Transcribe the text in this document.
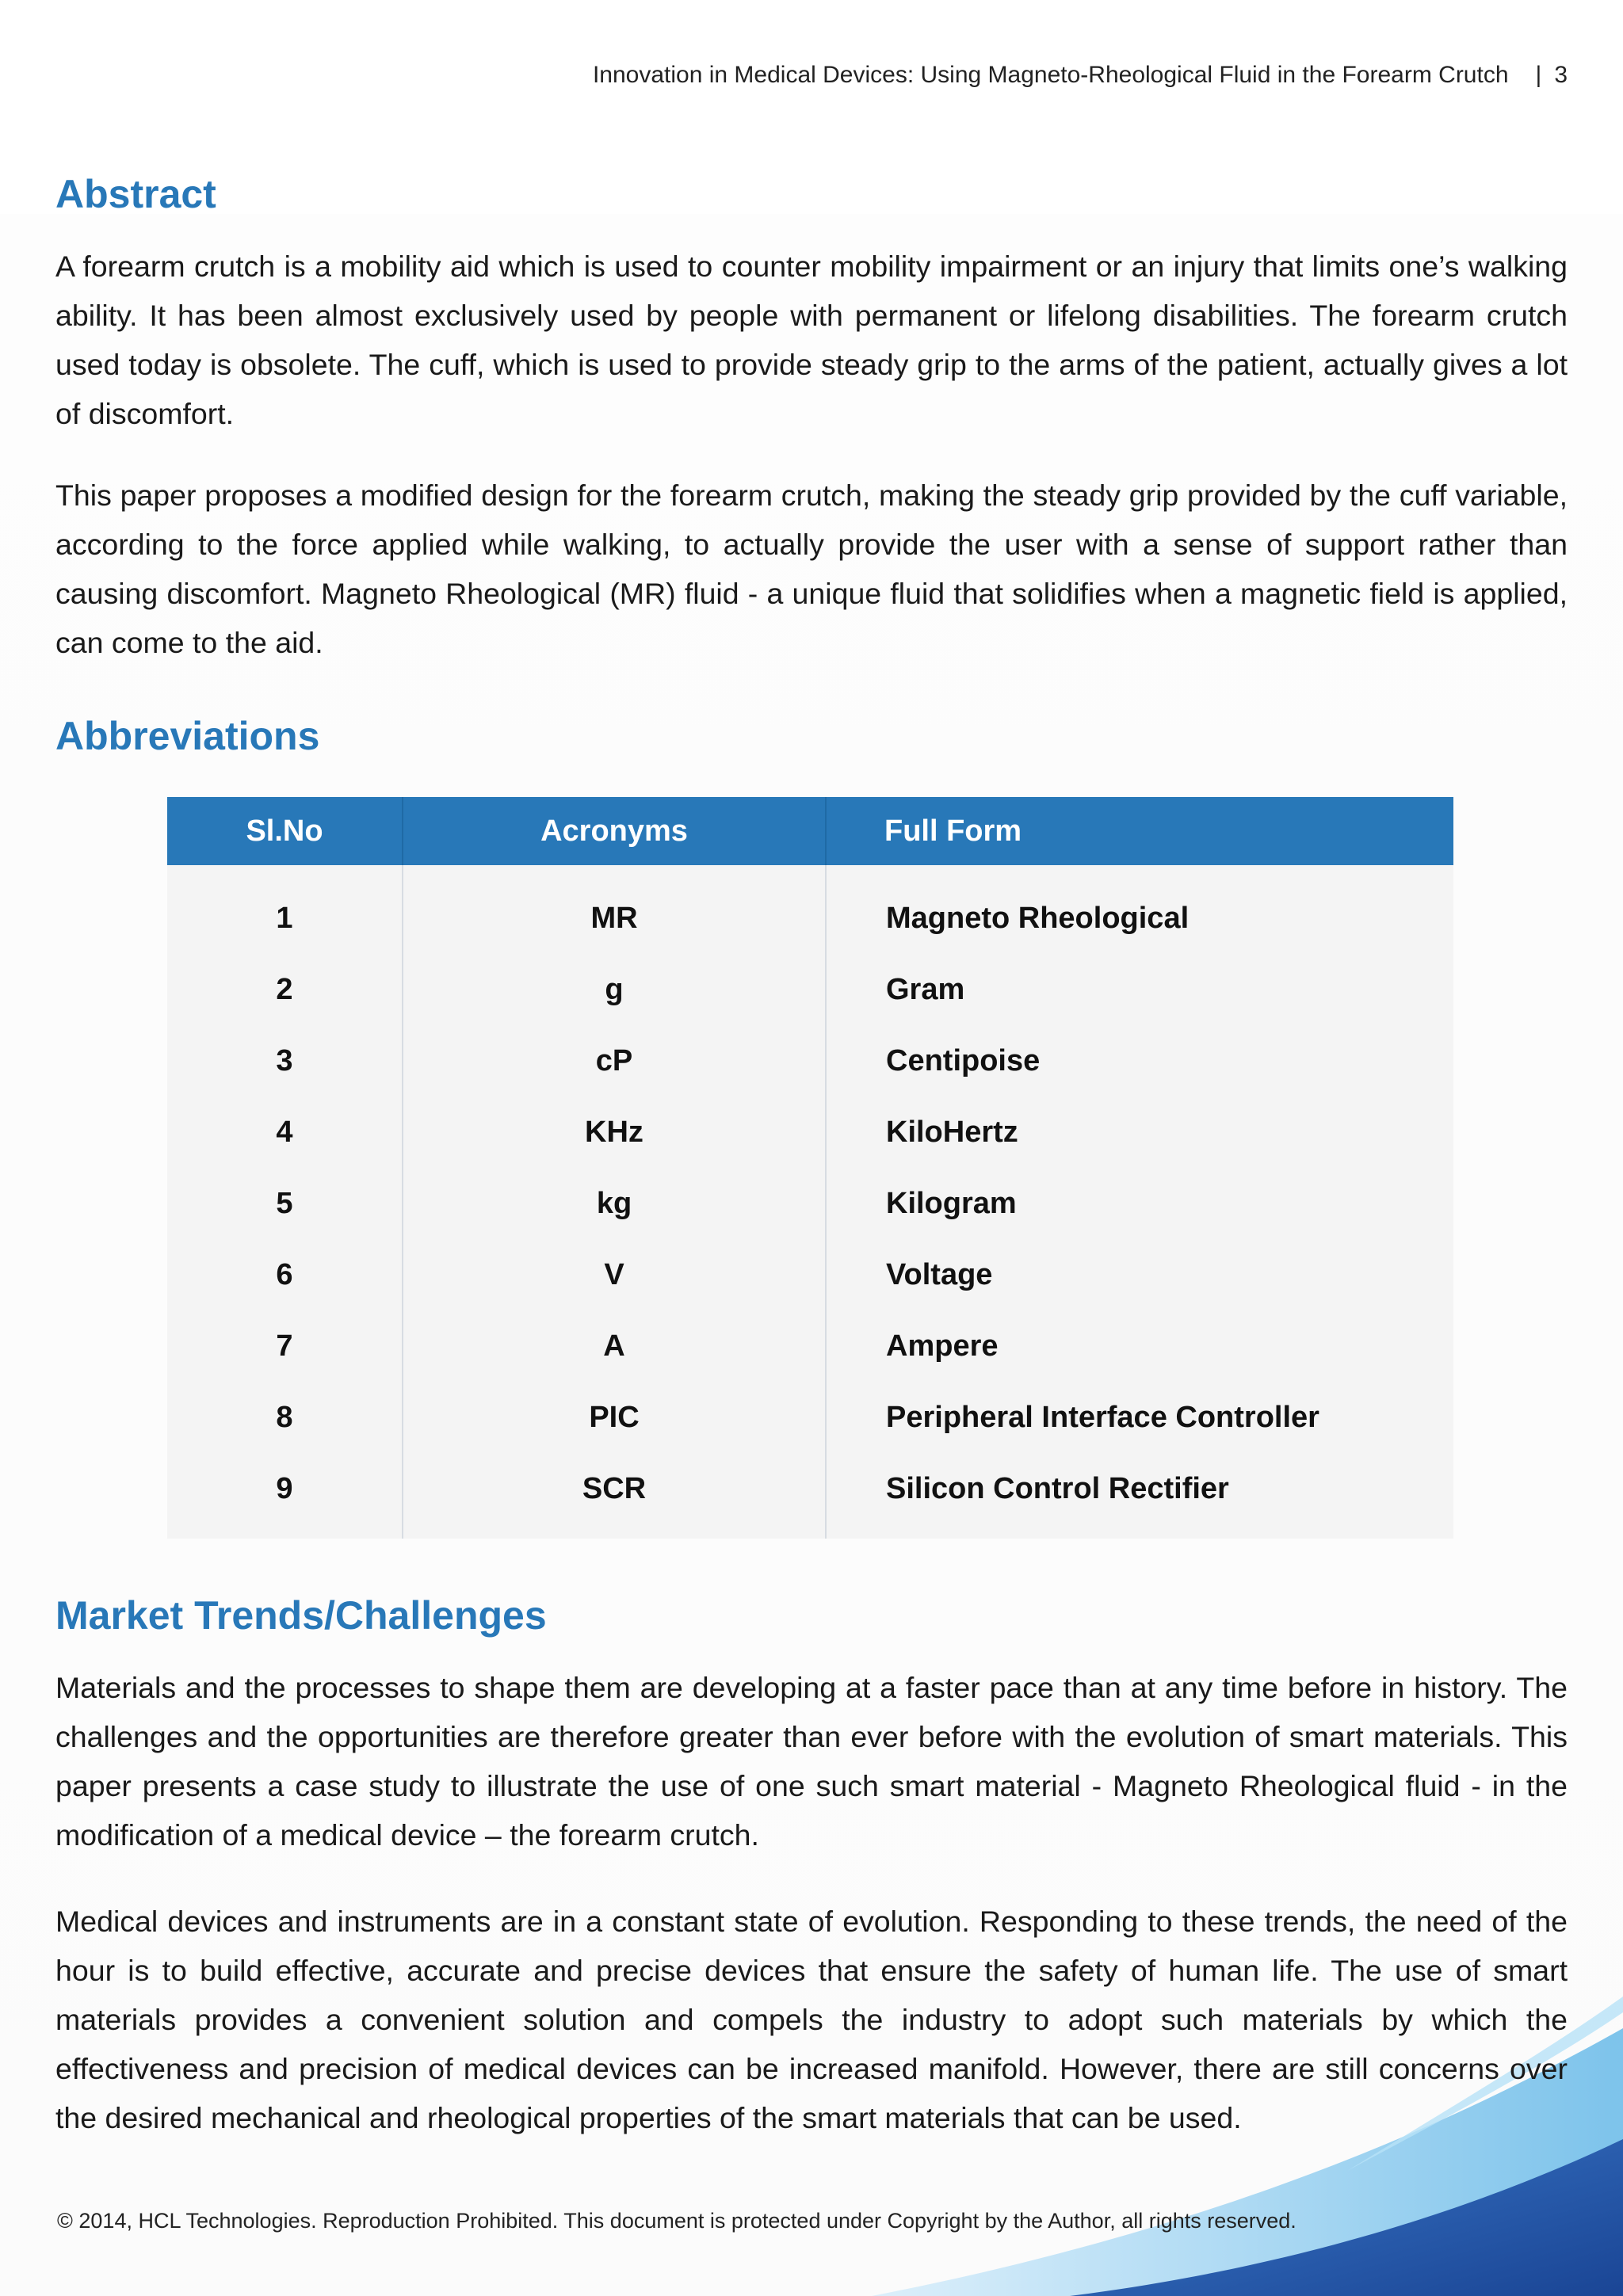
Innovation in Medical Devices: Using Magneto-Rheological Fluid in the Forearm Crutch | 3
Abstract

A forearm crutch is a mobility aid which is used to counter mobility impairment or an injury that limits one’s walking ability. It has been almost exclusively used by people with permanent or lifelong disabilities. The forearm crutch used today is obsolete. The cuff, which is used to provide steady grip to the arms of the patient, actually gives a lot of discomfort.

This paper proposes a modified design for the forearm crutch, making the steady grip provided by the cuff variable, according to the force applied while walking, to actually provide the user with a sense of support rather than causing discomfort. Magneto Rheological (MR) fluid - a unique fluid that solidifies when a magnetic field is applied, can come to the aid.

Abbreviations
Sl.No	Acronyms	Full Form
1	MR	Magneto Rheological
2	g	Gram
3	cP	Centipoise
4	KHz	KiloHertz
5	kg	Kilogram
6	V	Voltage
7	A	Ampere
8	PIC	Peripheral Interface Controller
9	SCR	Silicon Control Rectifier
Market Trends/Challenges

Materials and the processes to shape them are developing at a faster pace than at any time before in history. The challenges and the opportunities are therefore greater than ever before with the evolution of smart materials. This paper presents a case study to illustrate the use of one such smart material - Magneto Rheological fluid - in the modification of a medical device – the forearm crutch.

Medical devices and instruments are in a constant state of evolution. Responding to these trends, the need of the hour is to build effective, accurate and precise devices that ensure the safety of human life. The use of smart materials provides a convenient solution and compels the industry to adopt such materials by which the effectiveness and precision of medical devices can be increased manifold. However, there are still concerns over the desired mechanical and rheological properties of the smart materials that can be used.

© 2014, HCL Technologies. Reproduction Prohibited. This document is protected under Copyright by the Author, all rights reserved.
